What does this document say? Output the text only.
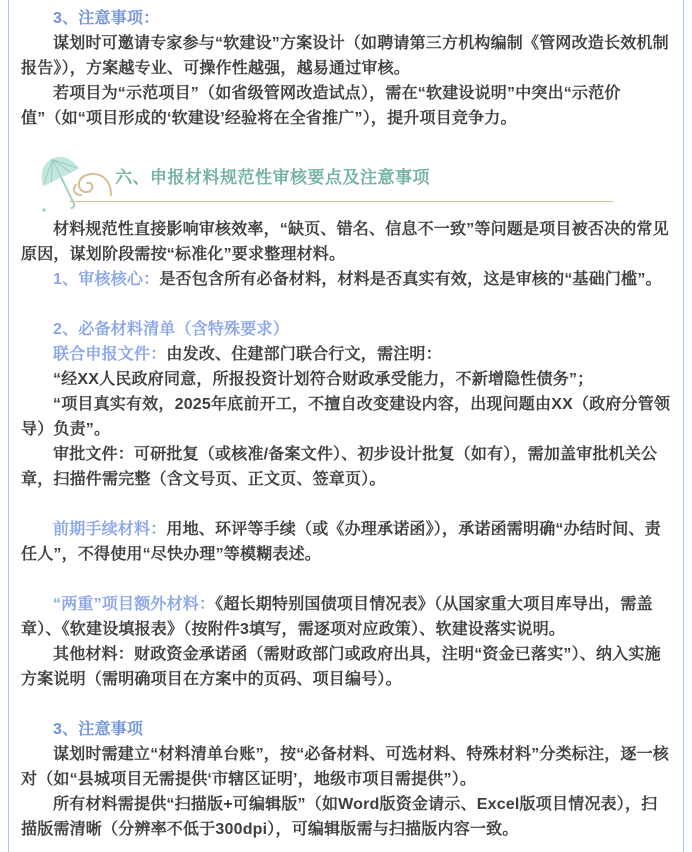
3、注意事项：

谋划时可邀请专家参与“软建设”方案设计（如聘请第三方机构编制《管网改造长效机制报告》），方案越专业、可操作性越强，越易通过审核。

若项目为“示范项目”（如省级管网改造试点），需在“软建设说明”中突出“示范价值”（如“项目形成的‘软建设’经验将在全省推广”），提升项目竞争力。

六、申报材料规范性审核要点及注意事项

材料规范性直接影响审核效率，“缺页、错名、信息不一致”等问题是项目被否决的常见原因，谋划阶段需按“标准化”要求整理材料。

1、审核核心：是否包含所有必备材料，材料是否真实有效，这是审核的“基础门槛”。

2、必备材料清单（含特殊要求）

联合申报文件：由发改、住建部门联合行文，需注明：

“经XX人民政府同意，所报投资计划符合财政承受能力，不新增隐性债务”；

“项目真实有效，2025年底前开工，不擅自改变建设内容，出现问题由XX（政府分管领导）负责”。

审批文件：可研批复（或核准/备案文件）、初步设计批复（如有），需加盖审批机关公章，扫描件需完整（含文号页、正文页、签章页）。

前期手续材料：用地、环评等手续（或《办理承诺函》），承诺函需明确“办结时间、责任人”，不得使用“尽快办理”等模糊表述。

“两重”项目额外材料：《超长期特别国债项目情况表》（从国家重大项目库导出，需盖章）、《软建设填报表》（按附件3填写，需逐项对应政策）、软建设落实说明。

其他材料：财政资金承诺函（需财政部门或政府出具，注明“资金已落实”）、纳入实施方案说明（需明确项目在方案中的页码、项目编号）。

3、注意事项

谋划时需建立“材料清单台账”，按“必备材料、可选材料、特殊材料”分类标注，逐一核对（如“县城项目无需提供‘市辖区证明’，地级市项目需提供”）。

所有材料需提供“扫描版+可编辑版”（如Word版资金请示、Excel版项目情况表），扫描版需清晰（分辨率不低于300dpi），可编辑版需与扫描版内容一致。
